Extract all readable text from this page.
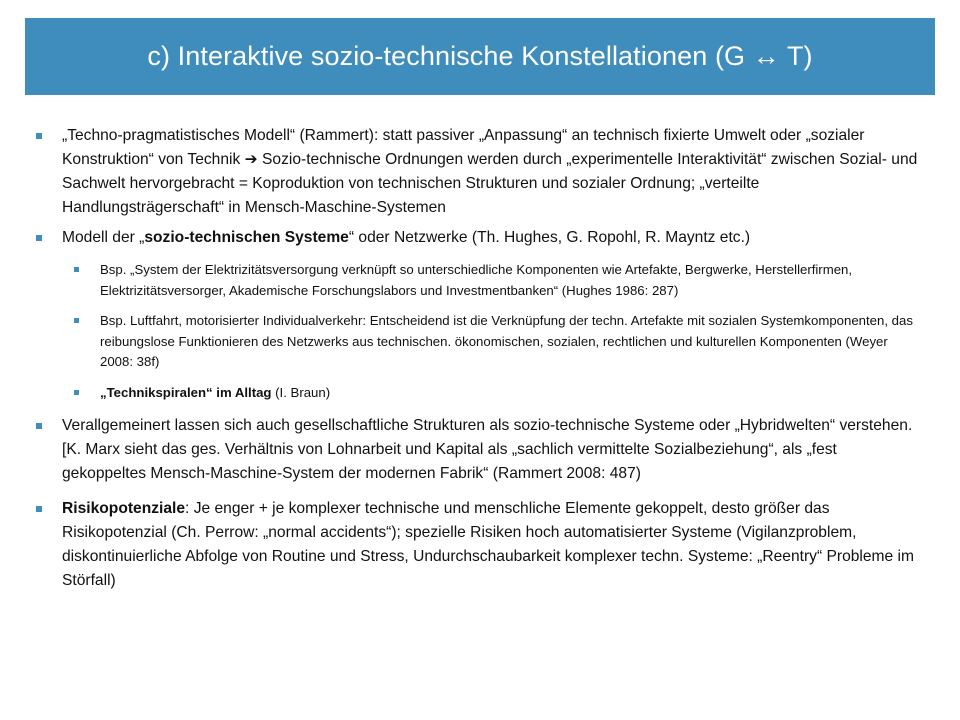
c) Interaktive sozio-technische Konstellationen (G ↔ T)
„Techno-pragmatistisches Modell“ (Rammert): statt passiver „Anpassung“ an technisch fixierte Umwelt oder „sozialer Konstruktion“ von Technik ➔ Sozio-technische Ordnungen werden durch „experimentelle Interaktivität“ zwischen Sozial- und Sachwelt hervorgebracht = Koproduktion von technischen Strukturen und sozialer Ordnung; „verteilte Handlungsträgerschaft“ in Mensch-Maschine-Systemen
Modell der „sozio-technischen Systeme“ oder Netzwerke (Th. Hughes, G. Ropohl, R. Mayntz etc.)
Bsp. „System der Elektrizitätsversorgung verknüpft so unterschiedliche Komponenten wie Artefakte, Bergwerke, Herstellerfirmen, Elektrizitätsversorger, Akademische Forschungslabors und Investmentbanken“ (Hughes 1986: 287)
Bsp. Luftfahrt, motorisierter Individualverkehr: Entscheidend ist die Verknüpfung der techn. Artefakte mit sozialen Systemkomponenten, das reibungslose Funktionieren des Netzwerks aus technischen. ökonomischen, sozialen, rechtlichen und kulturellen Komponenten (Weyer 2008: 38f)
„Technikspiralen“ im Alltag (I. Braun)
Verallgemeinert lassen sich auch gesellschaftliche Strukturen als sozio-technische Systeme oder „Hybridwelten“ verstehen. [K. Marx sieht das ges. Verhältnis von Lohnarbeit und Kapital als „sachlich vermittelte Sozialbeziehung“, als „fest gekoppeltes Mensch-Maschine-System der modernen Fabrik“ (Rammert 2008: 487)
Risikopotenziale: Je enger + je komplexer technische und menschliche Elemente gekoppelt, desto größer das Risikopotenzial (Ch. Perrow: „normal accidents“); spezielle Risiken hoch automatisierter Systeme (Vigilanzproblem, diskontinuierliche Abfolge von Routine und Stress, Undurchschaubarkeit komplexer techn. Systeme: „Reentry“ Probleme im Störfall)
